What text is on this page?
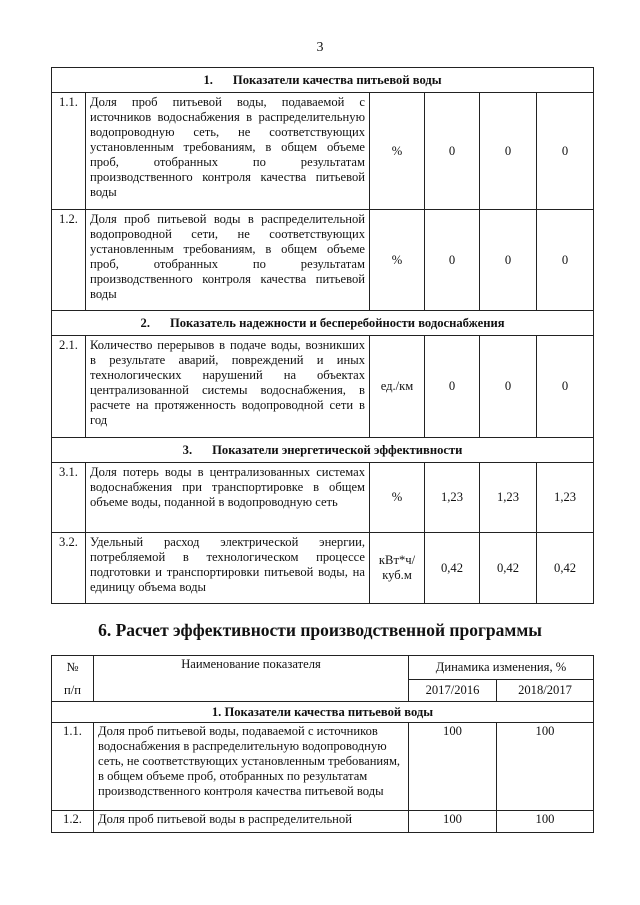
3
1. Показатели качества питьевой воды					
1.1.	Доля проб питьевой воды, подаваемой с источников водоснабжения в распределительную водопроводную сеть, не соответствующих установленным требованиям, в общем объеме проб, отобранных по результатам производственного контроля качества питьевой воды	%	0	0	0
1.2.	Доля проб питьевой воды в распределительной водопроводной сети, не соответствующих установленным требованиям, в общем объеме проб, отобранных по результатам производственного контроля качества питьевой воды	%	0	0	0
2. Показатель надежности и бесперебойности водоснабжения					
2.1.	Количество перерывов в подаче воды, возникших в результате аварий, повреждений и иных технологических нарушений на объектах централизованной системы водоснабжения, в расчете на протяженность водопроводной сети в год	ед./км	0	0	0
3. Показатели энергетической эффективности					
3.1.	Доля потерь воды в централизованных системах водоснабжения при транспортировке в общем объеме воды, поданной в водопроводную сеть	%	1,23	1,23	1,23
3.2.	Удельный расход электрической энергии, потребляемой в технологическом процессе подготовки и транспортировки питьевой воды, на единицу объема воды	кВт*ч/куб.м	0,42	0,42	0,42
6. Расчет эффективности производственной программы
№	Наименование показателя	Динамика изменения, %	
п/п		2017/2016	2018/2017
1. Показатели качества питьевой воды			
1.1.	Доля проб питьевой воды, подаваемой с источников водоснабжения в распределительную водопроводную сеть, не соответствующих установленным требованиям, в общем объеме проб, отобранных по результатам производственного контроля качества питьевой воды	100	100
1.2.	Доля проб питьевой воды в распределительной	100	100
